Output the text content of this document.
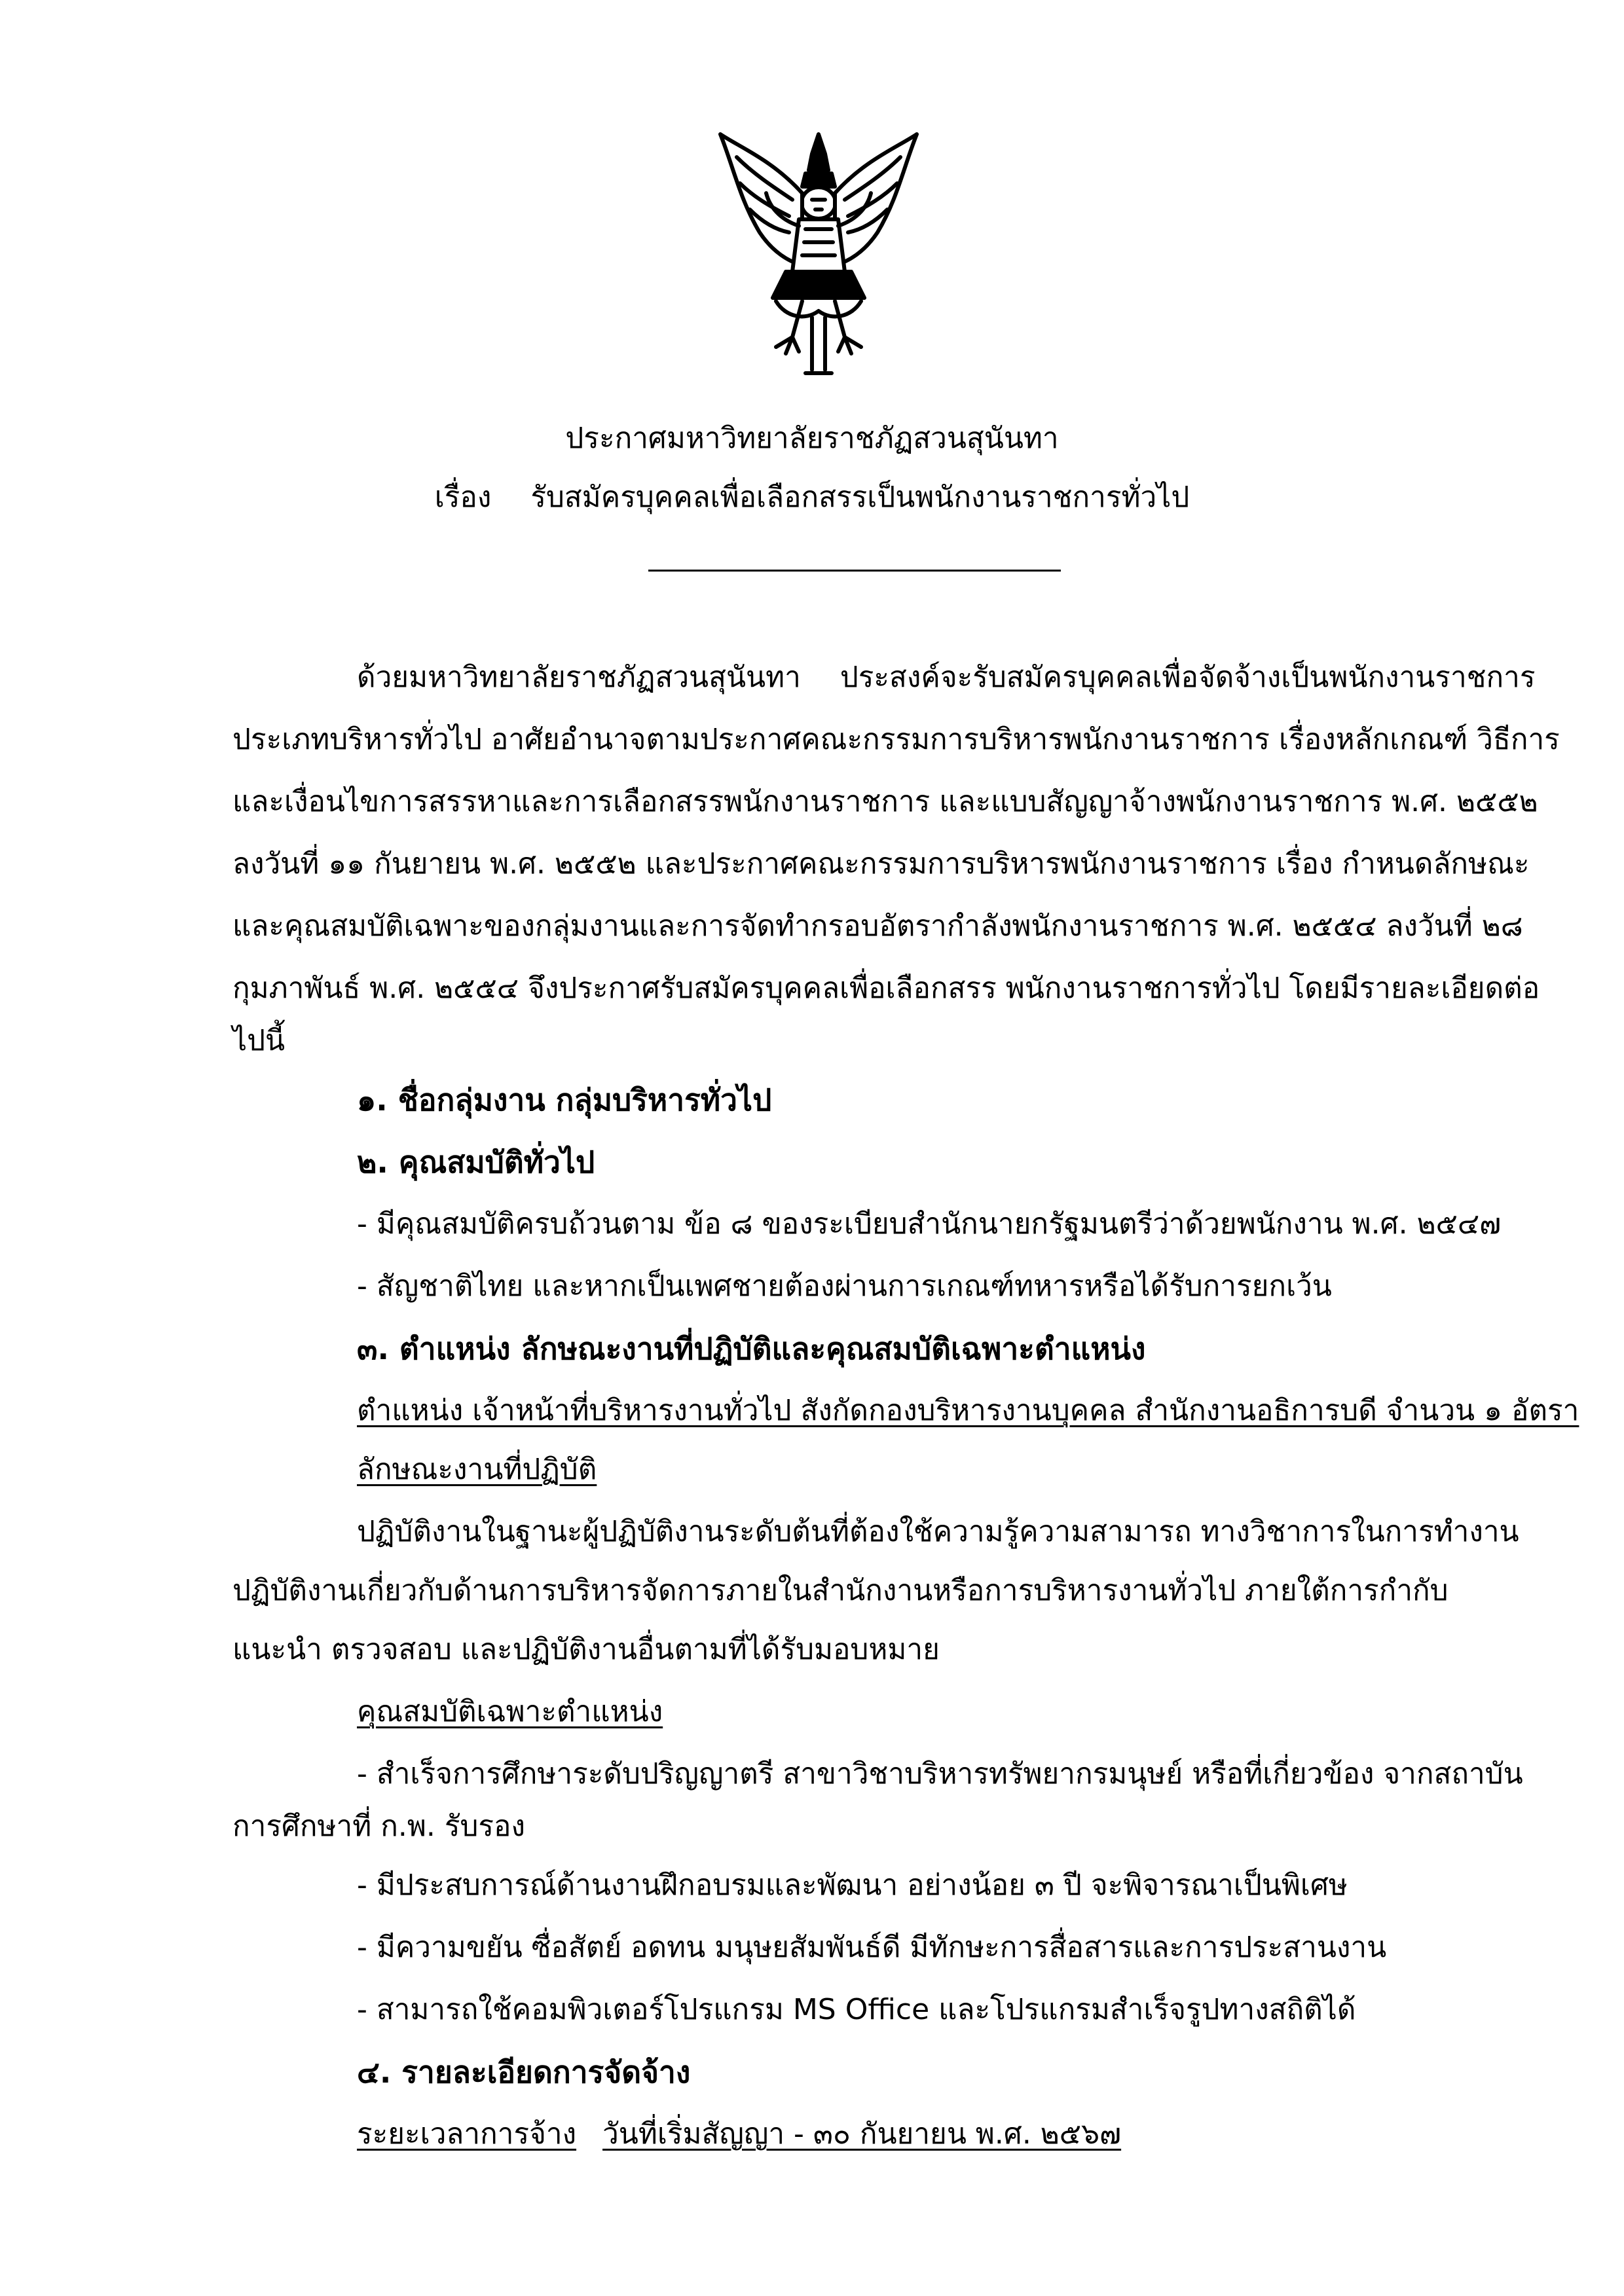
ประกาศมหาวิทยาลัยราชภัฏสวนสุนันทา
เรื่อง รับสมัครบุคคลเพื่อเลือกสรรเป็นพนักงานราชการทั่วไป
ด้วยมหาวิทยาลัยราชภัฏสวนสุนันทา ประสงค์จะรับสมัครบุคคลเพื่อจัดจ้างเป็นพนักงานราชการ
ประเภทบริหารทั่วไป อาศัยอำนาจตามประกาศคณะกรรมการบริหารพนักงานราชการ เรื่องหลักเกณฑ์ วิธีการ
และเงื่อนไขการสรรหาและการเลือกสรรพนักงานราชการ และแบบสัญญาจ้างพนักงานราชการ พ.ศ. ๒๕๕๒
ลงวันที่ ๑๑ กันยายน พ.ศ. ๒๕๕๒ และประกาศคณะกรรมการบริหารพนักงานราชการ เรื่อง กำหนดลักษณะ
และคุณสมบัติเฉพาะของกลุ่มงานและการจัดทำกรอบอัตรากำลังพนักงานราชการ พ.ศ. ๒๕๕๔ ลงวันที่ ๒๘
กุมภาพันธ์ พ.ศ. ๒๕๕๔ จึงประกาศรับสมัครบุคคลเพื่อเลือกสรร พนักงานราชการทั่วไป โดยมีรายละเอียดต่อ
ไปนี้
๑. ชื่อกลุ่มงาน กลุ่มบริหารทั่วไป
๒. คุณสมบัติทั่วไป
- มีคุณสมบัติครบถ้วนตาม ข้อ ๘ ของระเบียบสำนักนายกรัฐมนตรีว่าด้วยพนักงาน พ.ศ. ๒๕๔๗
- สัญชาติไทย และหากเป็นเพศชายต้องผ่านการเกณฑ์ทหารหรือได้รับการยกเว้น
๓. ตำแหน่ง ลักษณะงานที่ปฏิบัติและคุณสมบัติเฉพาะตำแหน่ง
ตำแหน่ง เจ้าหน้าที่บริหารงานทั่วไป สังกัดกองบริหารงานบุคคล สำนักงานอธิการบดี จำนวน ๑ อัตรา
ลักษณะงานที่ปฏิบัติ
ปฏิบัติงานในฐานะผู้ปฏิบัติงานระดับต้นที่ต้องใช้ความรู้ความสามารถ ทางวิชาการในการทำงาน
ปฏิบัติงานเกี่ยวกับด้านการบริหารจัดการภายในสำนักงานหรือการบริหารงานทั่วไป ภายใต้การกำกับ
แนะนำ ตรวจสอบ และปฏิบัติงานอื่นตามที่ได้รับมอบหมาย
คุณสมบัติเฉพาะตำแหน่ง
- สำเร็จการศึกษาระดับปริญญาตรี สาขาวิชาบริหารทรัพยากรมนุษย์ หรือที่เกี่ยวข้อง จากสถาบัน
การศึกษาที่ ก.พ. รับรอง
- มีประสบการณ์ด้านงานฝึกอบรมและพัฒนา อย่างน้อย ๓ ปี จะพิจารณาเป็นพิเศษ
- มีความขยัน ซื่อสัตย์ อดทน มนุษยสัมพันธ์ดี มีทักษะการสื่อสารและการประสานงาน
- สามารถใช้คอมพิวเตอร์โปรแกรม MS Office และโปรแกรมสำเร็จรูปทางสถิติได้
๔. รายละเอียดการจัดจ้าง
ระยะเวลาการจ้าง วันที่เริ่มสัญญา - ๓๐ กันยายน พ.ศ. ๒๕๖๗
